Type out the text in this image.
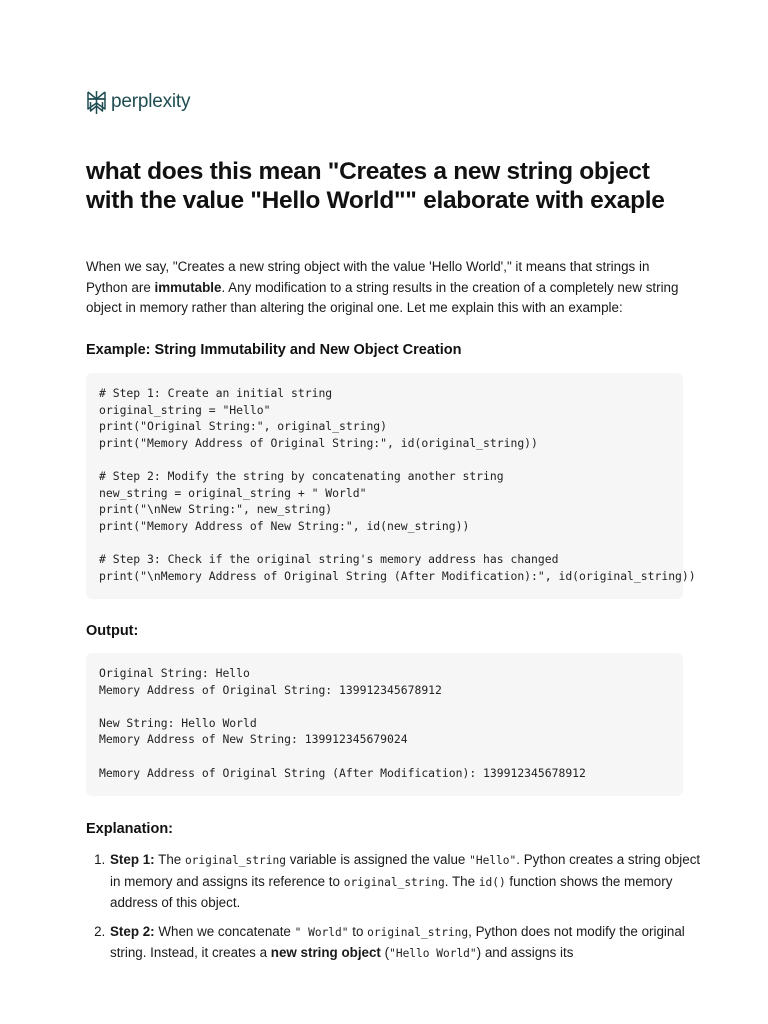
perplexity
what does this mean "Creates a new string object with the value "Hello World"" elaborate with exaple

When we say, "Creates a new string object with the value 'Hello World'," it means that strings in Python are immutable. Any modification to a string results in the creation of a completely new string object in memory rather than altering the original one. Let me explain this with an example:

Example: String Immutability and New Object Creation
# Step 1: Create an initial string
original_string = "Hello"
print("Original String:", original_string)
print("Memory Address of Original String:", id(original_string))

# Step 2: Modify the string by concatenating another string
new_string = original_string + " World"
print("\nNew String:", new_string)
print("Memory Address of New String:", id(new_string))

# Step 3: Check if the original string's memory address has changed
print("\nMemory Address of Original String (After Modification):", id(original_string))
Output:
Original String: Hello
Memory Address of Original String: 139912345678912

New String: Hello World
Memory Address of New String: 139912345679024

Memory Address of Original String (After Modification): 139912345678912
Explanation:
1. Step 1: The original_string variable is assigned the value "Hello". Python creates a string object in memory and assigns its reference to original_string. The id() function shows the memory address of this object.
2. Step 2: When we concatenate " World" to original_string, Python does not modify the original string. Instead, it creates a new string object ("Hello World") and assigns its
